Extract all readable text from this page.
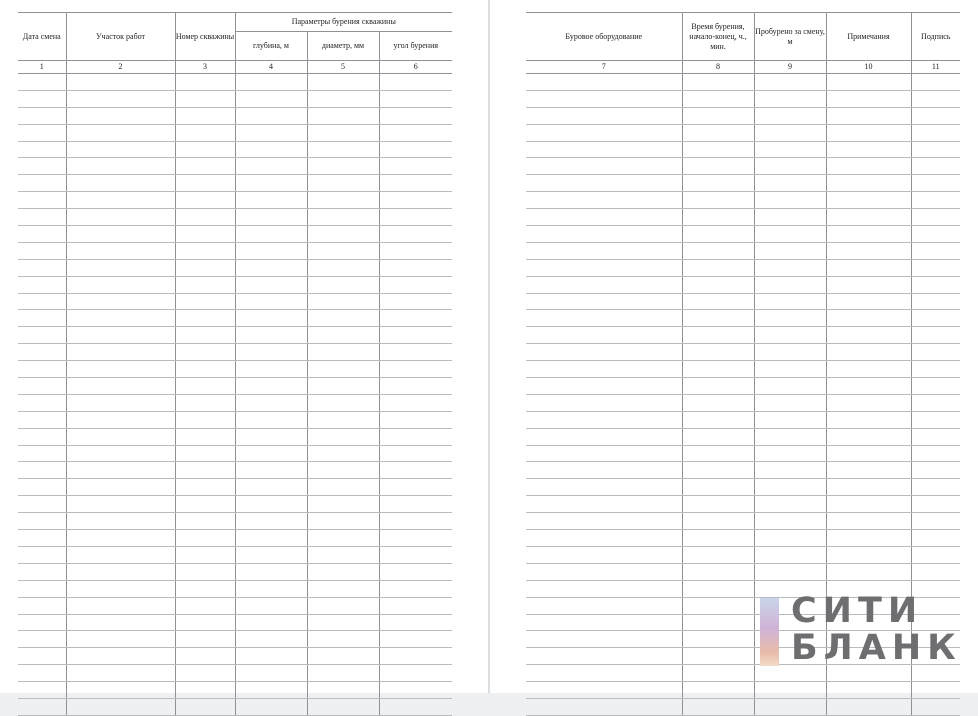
Дата смена	Участок работ	Номер скважины	Параметры бурения скважины		
			глубина, м	диаметр, мм	угол бурения
1	2	3	4	5	6

Буровое оборудование	Время бурения, начало-конец, ч., мин.	Пробурено за смену, м	Примечания	Подпись
7	8	9	10	11

СИТИ
БЛАНК
